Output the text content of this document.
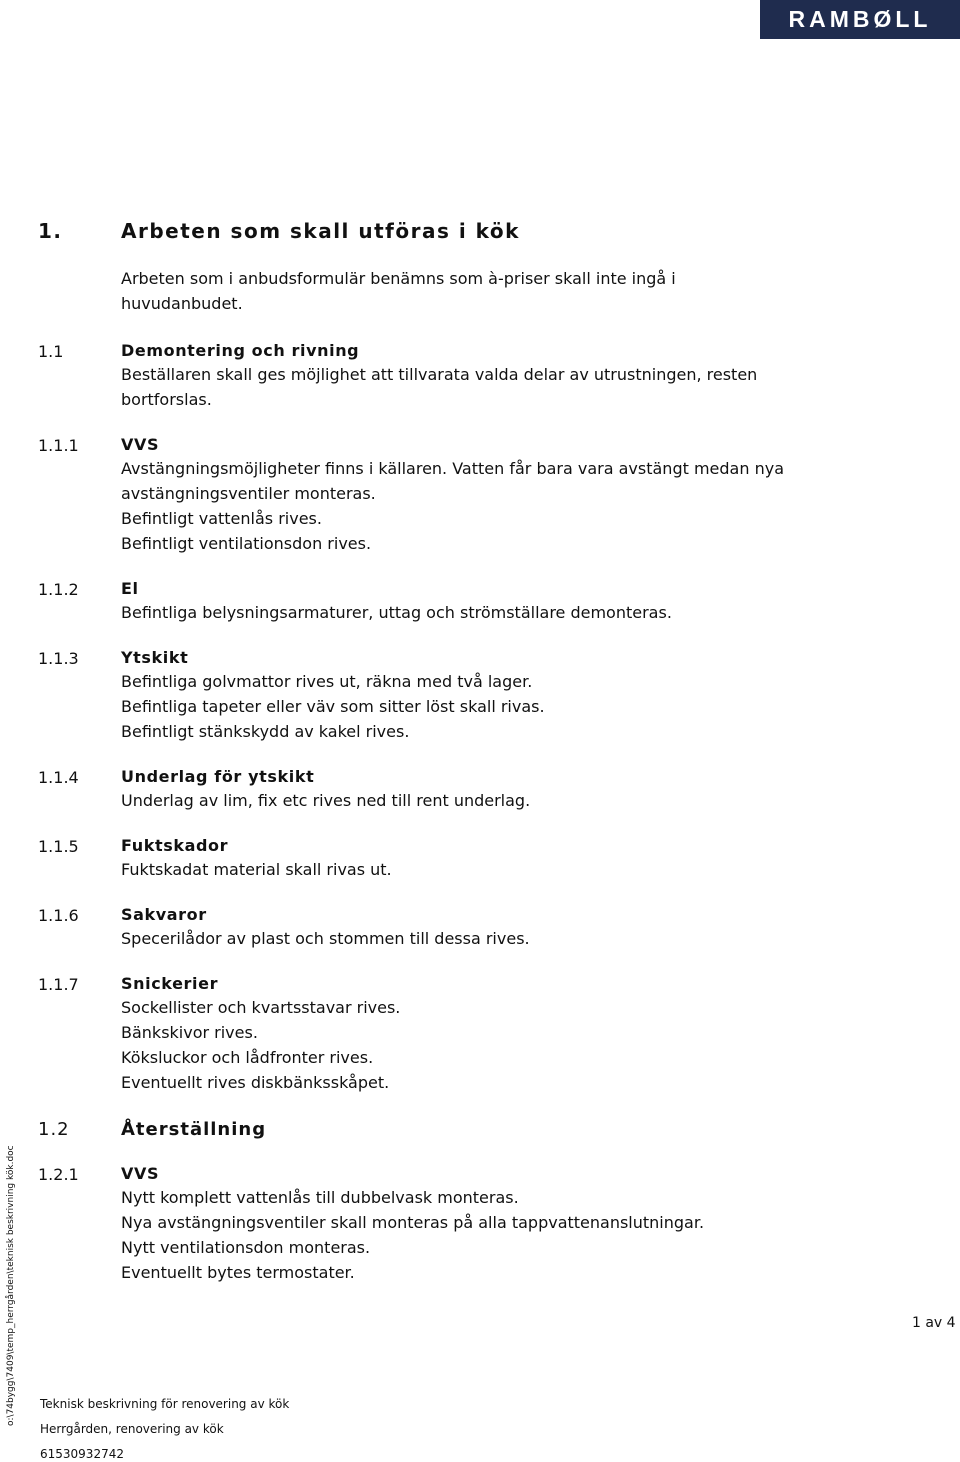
RAMBØLL
1.	Arbeten som skall utföras i kök
Arbeten som i anbudsformulär benämns som à-priser skall inte ingå i
huvudanbudet.
1.1	Demontering och rivning
Beställaren skall ges möjlighet att tillvarata valda delar av utrustningen, resten
bortforslas.
1.1.1	VVS
Avstängningsmöjligheter finns i källaren. Vatten får bara vara avstängt medan nya
avstängningsventiler monteras.
Befintligt vattenlås rives.
Befintligt ventilationsdon rives.
1.1.2	El
Befintliga belysningsarmaturer, uttag och strömställare demonteras.
1.1.3	Ytskikt
Befintliga golvmattor rives ut, räkna med två lager.
Befintliga tapeter eller väv som sitter löst skall rivas.
Befintligt stänkskydd av kakel rives.
1.1.4	Underlag för ytskikt
Underlag av lim, fix etc rives ned till rent underlag.
1.1.5	Fuktskador
Fuktskadat material skall rivas ut.
1.1.6	Sakvaror
Specerilådor av plast och stommen till dessa rives.
1.1.7	Snickerier
Sockellister och kvartsstavar rives.
Bänkskivor rives.
Köksluckor och lådfronter rives.
Eventuellt rives diskbänksskåpet.
1.2	Återställning
1.2.1	VVS
Nytt komplett vattenlås till dubbelvask monteras.
Nya avstängningsventiler skall monteras på alla tappvattenanslutningar.
Nytt ventilationsdon monteras.
Eventuellt bytes termostater.
1 av 4
Teknisk beskrivning för renovering av kök
Herrgården, renovering av kök
61530932742
o:\74bygg\7409\temp_herrgården\teknisk beskrivning kök.doc
